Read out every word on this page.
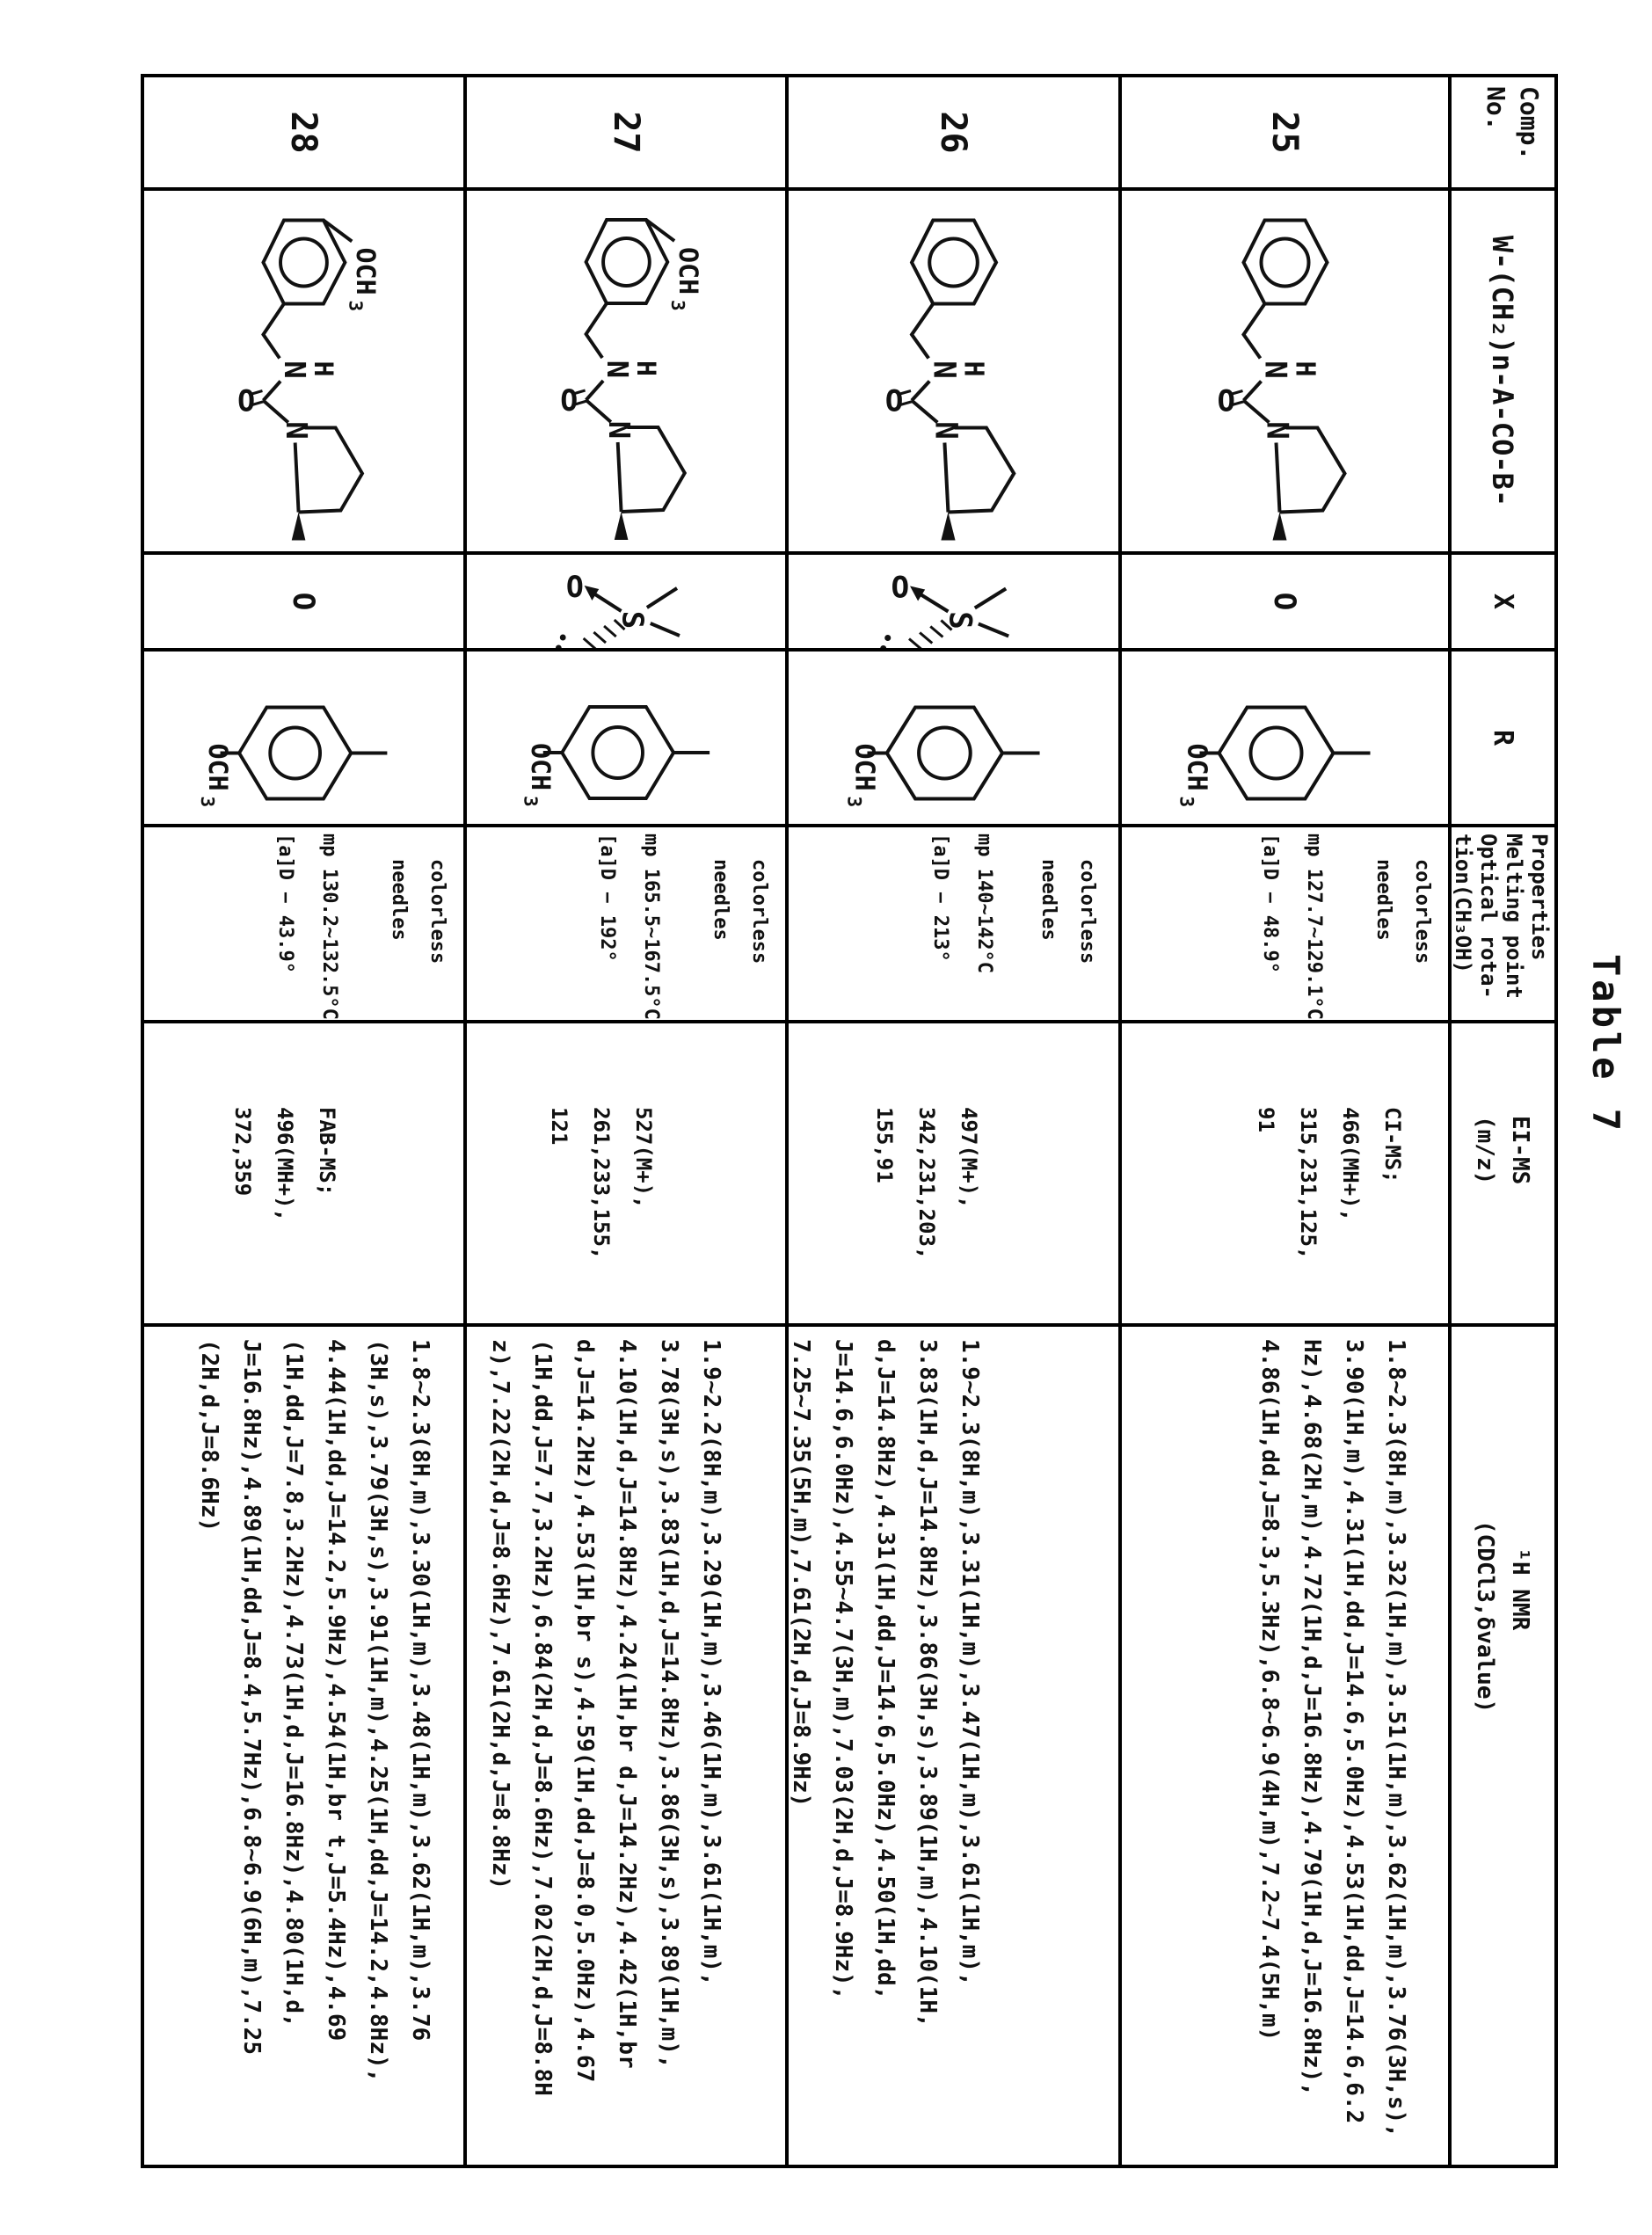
Table 7
Comp.
No.
W-(CH₂)n-A-CO-B-
X
R
Properties
Melting point
Optical rota-
tion(CH₃OH)
EI-MS
(m/z)
¹H NMR
(CDCl3,δvalue)
25
O
colorless
needles
mp 127.7~129.1°C
[a]D − 48.9°
CI-MS;
466(MH+),
315,231,125,
91
1.8~2.3(8H,m),3.32(1H,m),3.51(1H,m),3.62(1H,m),3.76(3H,s),
3.90(1H,m),4.31(1H,dd,J=14.6,5.0Hz),4.53(1H,dd,J=14.6,6.2
Hz),4.68(2H,m),4.72(1H,d,J=16.8Hz),4.79(1H,d,J=16.8Hz),
4.86(1H,dd,J=8.3,5.3Hz),6.8~6.9(4H,m),7.2~7.4(5H,m)
26
colorless
needles
mp 140~142°C
[a]D − 213°
497(M+),
342,231,203,
155,91
1.9~2.3(8H,m),3.31(1H,m),3.47(1H,m),3.61(1H,m),
3.83(1H,d,J=14.8Hz),3.86(3H,s),3.89(1H,m),4.10(1H,
d,J=14.8Hz),4.31(1H,dd,J=14.6,5.0Hz),4.50(1H,dd,
J=14.6,6.0Hz),4.55~4.7(3H,m),7.03(2H,d,J=8.9Hz),
7.25~7.35(5H,m),7.61(2H,d,J=8.9Hz)
27
colorless
needles
mp 165.5~167.5°C
[a]D − 192°
527(M+),
261,233,155,
121
1.9~2.2(8H,m),3.29(1H,m),3.46(1H,m),3.61(1H,m),
3.78(3H,s),3.83(1H,d,J=14.8Hz),3.86(3H,s),3.89(1H,m),
4.10(1H,d,J=14.8Hz),4.24(1H,br d,J=14.2Hz),4.42(1H,br
d,J=14.2Hz),4.53(1H,br s),4.59(1H,dd,J=8.0,5.0Hz),4.67
(1H,dd,J=7.7,3.2Hz),6.84(2H,d,J=8.6Hz),7.02(2H,d,J=8.8H
z),7.22(2H,d,J=8.6Hz),7.61(2H,d,J=8.8Hz)
28
O
colorless
needles
mp 130.2~132.5°C
[a]D − 43.9°
FAB-MS;
496(MH+),
372,359
1.8~2.3(8H,m),3.30(1H,m),3.48(1H,m),3.62(1H,m),3.76
(3H,s),3.79(3H,s),3.91(1H,m),4.25(1H,dd,J=14.2,4.8Hz),
4.44(1H,dd,J=14.2,5.9Hz),4.54(1H,br t,J=5.4Hz),4.69
(1H,dd,J=7.8,3.2Hz),4.73(1H,d,J=16.8Hz),4.80(1H,d,
J=16.8Hz),4.89(1H,dd,J=8.4,5.7Hz),6.8~6.9(6H,m),7.25
(2H,d,J=8.6Hz)
